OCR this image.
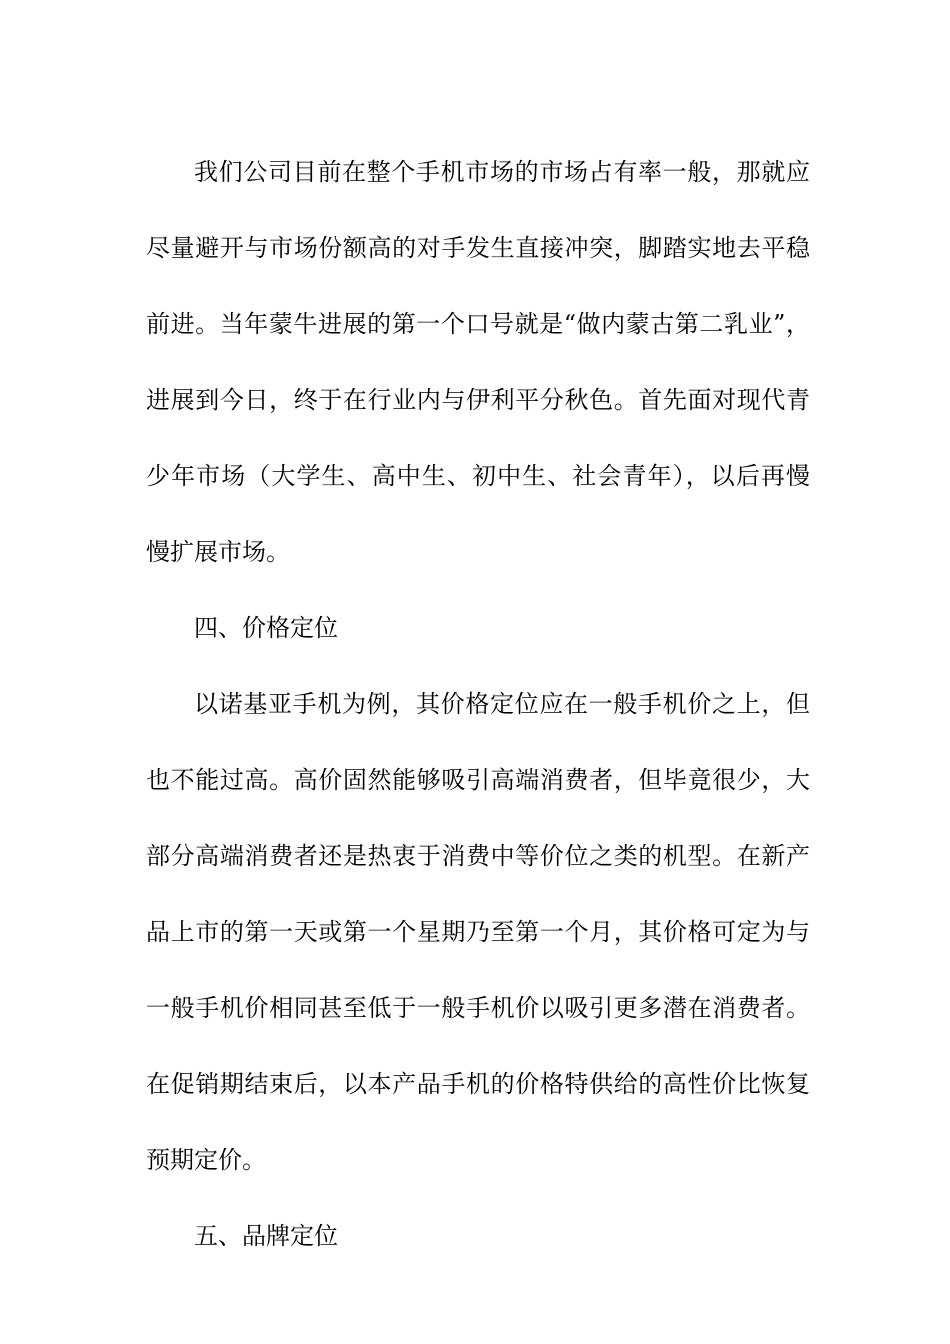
我们公司目前在整个手机市场的市场占有率一般，那就应
尽量避开与市场份额高的对手发生直接冲突，脚踏实地去平稳
前进。当年蒙牛进展的第一个口号就是“做内蒙古第二乳业”，
进展到今日，终于在行业内与伊利平分秋色。首先面对现代青
少年市场（大学生、高中生、初中生、社会青年），以后再慢
慢扩展市场。
四、价格定位
以诺基亚手机为例，其价格定位应在一般手机价之上，但
也不能过高。高价固然能够吸引高端消费者，但毕竟很少，大
部分高端消费者还是热衷于消费中等价位之类的机型。在新产
品上市的第一天或第一个星期乃至第一个月，其价格可定为与
一般手机价相同甚至低于一般手机价以吸引更多潜在消费者。
在促销期结束后，以本产品手机的价格特供给的高性价比恢复
预期定价。
五、品牌定位
